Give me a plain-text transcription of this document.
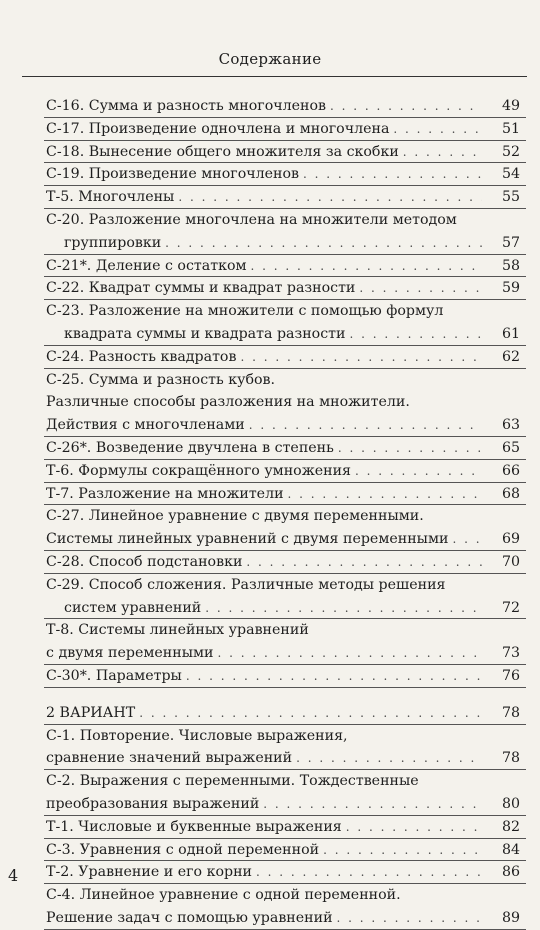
Содержание
С-16. Сумма и разность многочленов . . .	49
С-17. Произведение одночлена и многочлена . . .	51
С-18. Вынесение общего множителя за скобки . . .	52
С-19. Произведение многочленов . . .	54
Т-5. Многочлены . . .	55
С-20. Разложение многочлена на множители методом
группировки . . .	57
С-21*. Деление с остатком . . .	58
С-22. Квадрат суммы и квадрат разности . . .	59
С-23. Разложение на множители с помощью формул
квадрата суммы и квадрата разности . . .	61
С-24. Разность квадратов . . .	62
С-25. Сумма и разность кубов.
Различные способы разложения на множители.
Действия с многочленами . . .	63
С-26*. Возведение двучлена в степень . . .	65
Т-6. Формулы сокращённого умножения . . .	66
Т-7. Разложение на множители . . .	68
С-27. Линейное уравнение с двумя переменными.
Системы линейных уравнений с двумя переменными . . .	69
С-28. Способ подстановки . . .	70
С-29. Способ сложения. Различные методы решения
систем уравнений . . .	72
Т-8. Системы линейных уравнений
с двумя переменными . . .	73
С-30*. Параметры . . .	76
2 ВАРИАНТ . . .	78
С-1. Повторение. Числовые выражения,
сравнение значений выражений . . .	78
С-2. Выражения с переменными. Тождественные
преобразования выражений . . .	80
Т-1. Числовые и буквенные выражения . . .	82
С-3. Уравнения с одной переменной . . .	84
Т-2. Уравнение и его корни . . .	86
С-4. Линейное уравнение с одной переменной.
Решение задач с помощью уравнений . . .	89
4
